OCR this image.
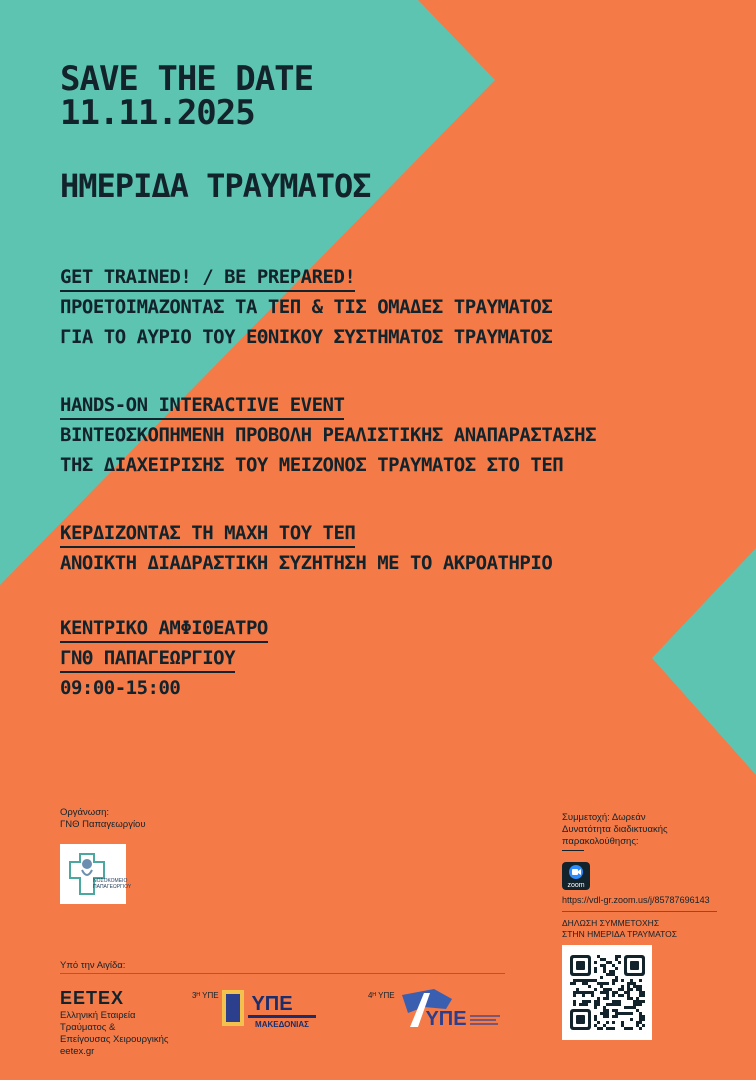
SAVE THE DATE
11.11.2025
ΗΜΕΡΙΔΑ ΤΡΑΥΜΑΤΟΣ
GET TRAINED! / BE PREPARED!
ΠΡΟΕΤΟΙΜΑΖΟΝΤΑΣ ΤΑ ΤΕΠ & ΤΙΣ ΟΜΑΔΕΣ ΤΡΑΥΜΑΤΟΣ
ΓΙΑ ΤΟ ΑΥΡΙΟ ΤΟΥ ΕΘΝΙΚΟΥ ΣΥΣΤΗΜΑΤΟΣ ΤΡΑΥΜΑΤΟΣ
HANDS-ON INTERACTIVE EVENT
ΒΙΝΤΕΟΣΚΟΠΗΜΕΝΗ ΠΡΟΒΟΛΗ ΡΕΑΛΙΣΤΙΚΗΣ ΑΝΑΠΑΡΑΣΤΑΣΗΣ
ΤΗΣ ΔΙΑΧΕΙΡΙΣΗΣ ΤΟΥ ΜΕΙΖΟΝΟΣ ΤΡΑΥΜΑΤΟΣ ΣΤΟ ΤΕΠ
ΚΕΡΔΙΖΟΝΤΑΣ ΤΗ ΜΑΧΗ ΤΟΥ ΤΕΠ
ΑΝΟΙΚΤΗ ΔΙΑΔΡΑΣΤΙΚΗ ΣΥΖΗΤΗΣΗ ΜΕ ΤΟ ΑΚΡΟΑΤΗΡΙΟ
ΚΕΝΤΡΙΚΟ ΑΜΦΙΘΕΑΤΡΟ
ΓΝΘ ΠΑΠΑΓΕΩΡΓΙΟΥ
09:00-15:00
Οργάνωση:
ΓΝΘ Παπαγεωργίου
ΝΟΣΟΚΟΜΕΙΟ
ΠΑΠΑΓΕΩΡΓΙΟΥ
Υπό την Αιγίδα:
EETEX
Ελληνική Εταιρεία
Τραύματος &
Επείγουσας Χειρουργικής
eetex.gr
3ᴴ ΥΠΕ ΥΠΕ
ΜΑΚΕΔΟΝΙΑΣ
4ᴴ ΥΠΕ
ΥΠΕ
Συμμετοχή: Δωρεάν
Δυνατότητα διαδικτυακής
παρακολούθησης:
zoom
https://vdl-gr.zoom.us/j/85787696143
ΔΗΛΩΣΗ ΣΥΜΜΕΤΟΧΗΣ
ΣΤΗΝ ΗΜΕΡΙΔΑ ΤΡΑΥΜΑΤΟΣ
